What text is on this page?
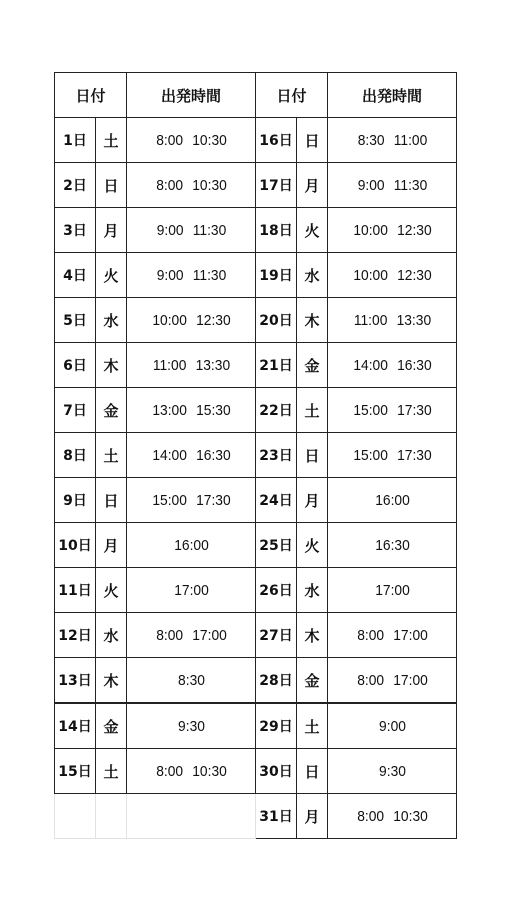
日付		出発時間	日付		出発時間
1日	土	8:00 10:30	16日	日	8:30 11:00
2日	日	8:00 10:30	17日	月	9:00 11:30
3日	月	9:00 11:30	18日	火	10:00 12:30
4日	火	9:00 11:30	19日	水	10:00 12:30
5日	水	10:00 12:30	20日	木	11:00 13:30
6日	木	11:00 13:30	21日	金	14:00 16:30
7日	金	13:00 15:30	22日	土	15:00 17:30
8日	土	14:00 16:30	23日	日	15:00 17:30
9日	日	15:00 17:30	24日	月	16:00
10日	月	16:00	25日	火	16:30
11日	火	17:00	26日	水	17:00
12日	水	8:00 17:00	27日	木	8:00 17:00
13日	木	8:30	28日	金	8:00 17:00
14日	金	9:30	29日	土	9:00
15日	土	8:00 10:30	30日	日	9:30
			31日	月	8:00 10:30
